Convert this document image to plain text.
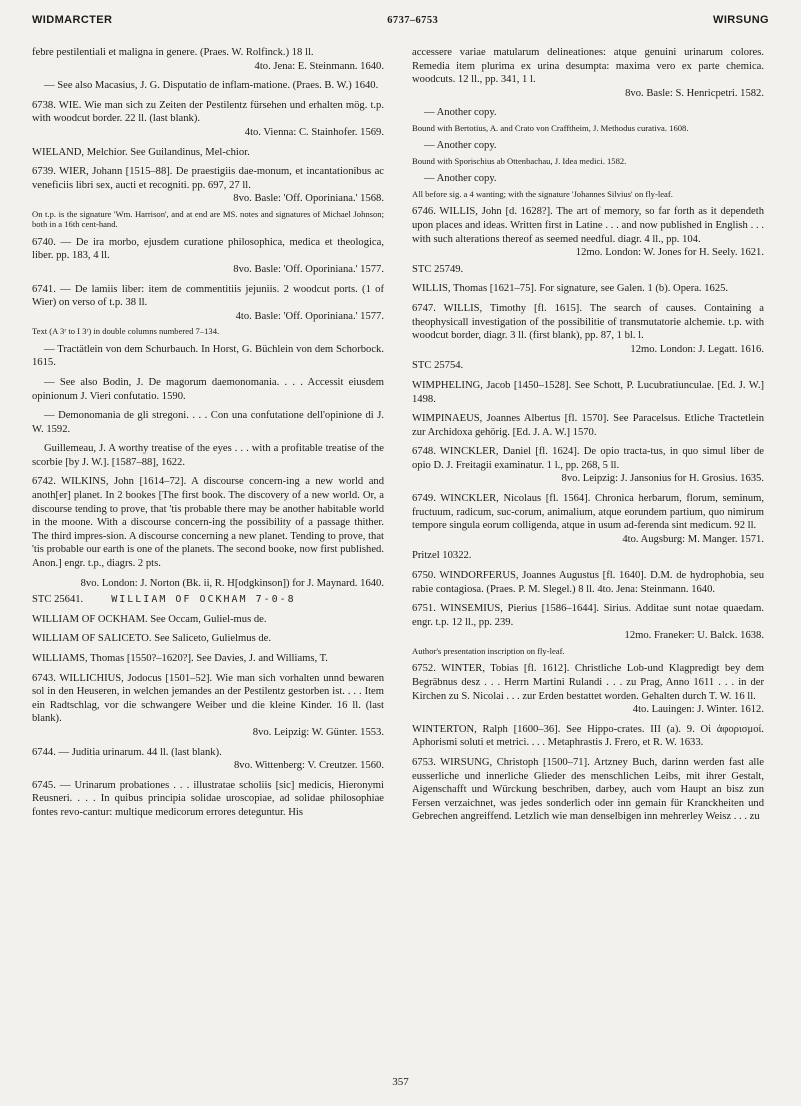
WIDMARCTER	6737–6753	WIRSUNG

febre pestilentiali et maligna in genere. (Praes. W. Rolfinck.) 18 ll.
4to. Jena: E. Steinmann. 1640.

— See also Macasius, J. G. Disputatio de inflam-matione. (Praes. B. W.) 1640.

6738. WIE. Wie man sich zu Zeiten der Pestilentz fürsehen und erhalten mög. t.p. with woodcut border. 22 ll. (last blank).
4to. Vienna: C. Stainhofer. 1569.

WIELAND, Melchior. See Guilandinus, Mel-chior.

6739. WIER, Johann [1515–88]. De praestigiis dae-monum, et incantationibus ac veneficiis libri sex, aucti et recogniti. pp. 697, 27 ll.
8vo. Basle: 'Off. Oporiniana.' 1568.

On t.p. is the signature 'Wm. Harrison', and at end are MS. notes and signatures of Michael Johnson; both in a 16th cent-hand.

6740. — De ira morbo, ejusdem curatione philosophica, medica et theologica, liber. pp. 183, 4 ll.
8vo. Basle: 'Off. Oporiniana.' 1577.

6741. — De lamiis liber: item de commentitiis jejuniis. 2 woodcut ports. (1 of Wier) on verso of t.p. 38 ll.
4to. Basle: 'Off. Oporiniana.' 1577.

Text (A 3ʳ to I 3ʳ) in double columns numbered 7–134.

— Tractätlein von dem Schurbauch. In Horst, G. Büchlein von dem Schorbock. 1615.

— See also Bodin, J. De magorum daemonomania. . . . Accessit eiusdem opinionum J. Vieri confutatio. 1590.

— Demonomania de gli stregoni. . . . Con una confutatione dell'opinione di J. W. 1592.

Guillemeau, J. A worthy treatise of the eyes . . . with a profitable treatise of the scorbie [by J. W.]. [1587–88], 1622.

6742. WILKINS, John [1614–72]. A discourse concern-ing a new world and anoth[er] planet. In 2 bookes [The first book. The discovery of a new world. Or, a discourse tending to prove, that 'tis probable there may be another habitable world in the moone. With a discourse concern-ing the possibility of a passage thither. The third impres-sion. A discourse concerning a new planet. Tending to prove, that 'tis probable our earth is one of the planets. The second booke, now first published. Anon.] engr. t.p., diagrs. 2 pts.

8vo. London: J. Norton (Bk. ii, R. H[odgkinson]) for J. Maynard. 1640.

STC 25641.	WILLIAM OF OCKHAM 7-0-8

WILLIAM OF OCKHAM. See Occam, Guliel-mus de.

WILLIAM OF SALICETO. See Saliceto, Gulielmus de.

WILLIAMS, Thomas [1550?–1620?]. See Davies, J. and Williams, T.

6743. WILLICHIUS, Jodocus [1501–52]. Wie man sich vorhalten unnd bewaren sol in den Heuseren, in welchen jemandes an der Pestilentz gestorben ist. . . . Item ein Radtschlag, vor die schwangere Weiber und die kleine Kinder. 16 ll. (last blank).
8vo. Leipzig: W. Günter. 1553.

6744. — Juditia urinarum. 44 ll. (last blank).
8vo. Wittenberg: V. Creutzer. 1560.

6745. — Urinarum probationes . . . illustratae scholiis [sic] medicis, Hieronymi Reusneri. . . . In quibus principia solidae uroscopiae, ad solidae philosophiae fontes revo-cantur: multique medicorum errores deteguntur. His

accessere variae matularum delineationes: atque genuini urinarum colores. Remedia item plurima ex urina desumpta: maxima vero ex parte chemica. woodcuts. 12 ll., pp. 341, 1 l.
8vo. Basle: S. Henricpetri. 1582.

— Another copy.

Bound with Bertotius, A. and Crato von Crafftheim, J. Methodus curativa. 1608.

— Another copy.

Bound with Sporischius ab Ottenbachau, J. Idea medici. 1582.

— Another copy.

All before sig. a 4 wanting; with the signature 'Johannes Silvius' on fly-leaf.

6746. WILLIS, John [d. 1628?]. The art of memory, so far forth as it dependeth upon places and ideas. Written first in Latine . . . and now published in English . . . with such alterations thereof as seemed needful. diagr. 4 ll., pp. 104.
12mo. London: W. Jones for H. Seely. 1621.

STC 25749.

WILLIS, Thomas [1621–75]. For signature, see Galen. 1 (b). Opera. 1625.

6747. WILLIS, Timothy [fl. 1615]. The search of causes. Containing a theophysicall investigation of the possibilitie of transmutatorie alchemie. t.p. with woodcut border, diagr. 3 ll. (first blank), pp. 87, 1 bl. l.
12mo. London: J. Legatt. 1616.

STC 25754.

WIMPHELING, Jacob [1450–1528]. See Schott, P. Lucubratiunculae. [Ed. J. W.] 1498.

WIMPINAEUS, Joannes Albertus [fl. 1570]. See Paracelsus. Etliche Tractetlein zur Archidoxa gehörig. [Ed. J. A. W.] 1570.

6748. WINCKLER, Daniel [fl. 1624]. De opio tracta-tus, in quo simul liber de opio D. J. Freitagii examinatur. 1 l., pp. 268, 5 ll.
8vo. Leipzig: J. Jansonius for H. Grosius. 1635.

6749. WINCKLER, Nicolaus [fl. 1564]. Chronica herbarum, florum, seminum, fructuum, radicum, suc-corum, animalium, atque eorundem partium, quo nimirum tempore singula eorum colligenda, atque in usum ad-ferenda sint medicum. 92 ll.
4to. Augsburg: M. Manger. 1571.

Pritzel 10322.

6750. WINDORFERUS, Joannes Augustus [fl. 1640]. D.M. de hydrophobia, seu rabie contagiosa. (Praes. P. M. Slegel.) 8 ll. 4to. Jena: Steinmann. 1640.

6751. WINSEMIUS, Pierius [1586–1644]. Sirius. Additae sunt notae quaedam. engr. t.p. 12 ll., pp. 239.
12mo. Franeker: U. Balck. 1638.

Author's presentation inscription on fly-leaf.

6752. WINTER, Tobias [fl. 1612]. Christliche Lob-und Klagpredigt bey dem Begräbnus desz . . . Herrn Martini Rulandi . . . zu Prag, Anno 1611 . . . in der Kirchen zu S. Nicolai . . . zur Erden bestattet worden. Gehalten durch T. W. 16 ll.
4to. Lauingen: J. Winter. 1612.

WINTERTON, Ralph [1600–36]. See Hippo-crates. III (a). 9. Οἱ ἀφορισμοί. Aphorismi soluti et metrici. . . . Metaphrastis J. Frero, et R. W. 1633.

6753. WIRSUNG, Christoph [1500–71]. Artzney Buch, darinn werden fast alle eusserliche und innerliche Glieder des menschlichen Leibs, mit ihrer Gestalt, Aigenschafft und Würckung beschriben, darbey, auch vom Haupt an bisz zun Fersen verzaichnet, was jedes sonderlich oder inn gemain für Kranckheiten und Gebrechen angreiffend. Letzlich wie man denselbigen inn mehrerley Weisz . . . zu

357
